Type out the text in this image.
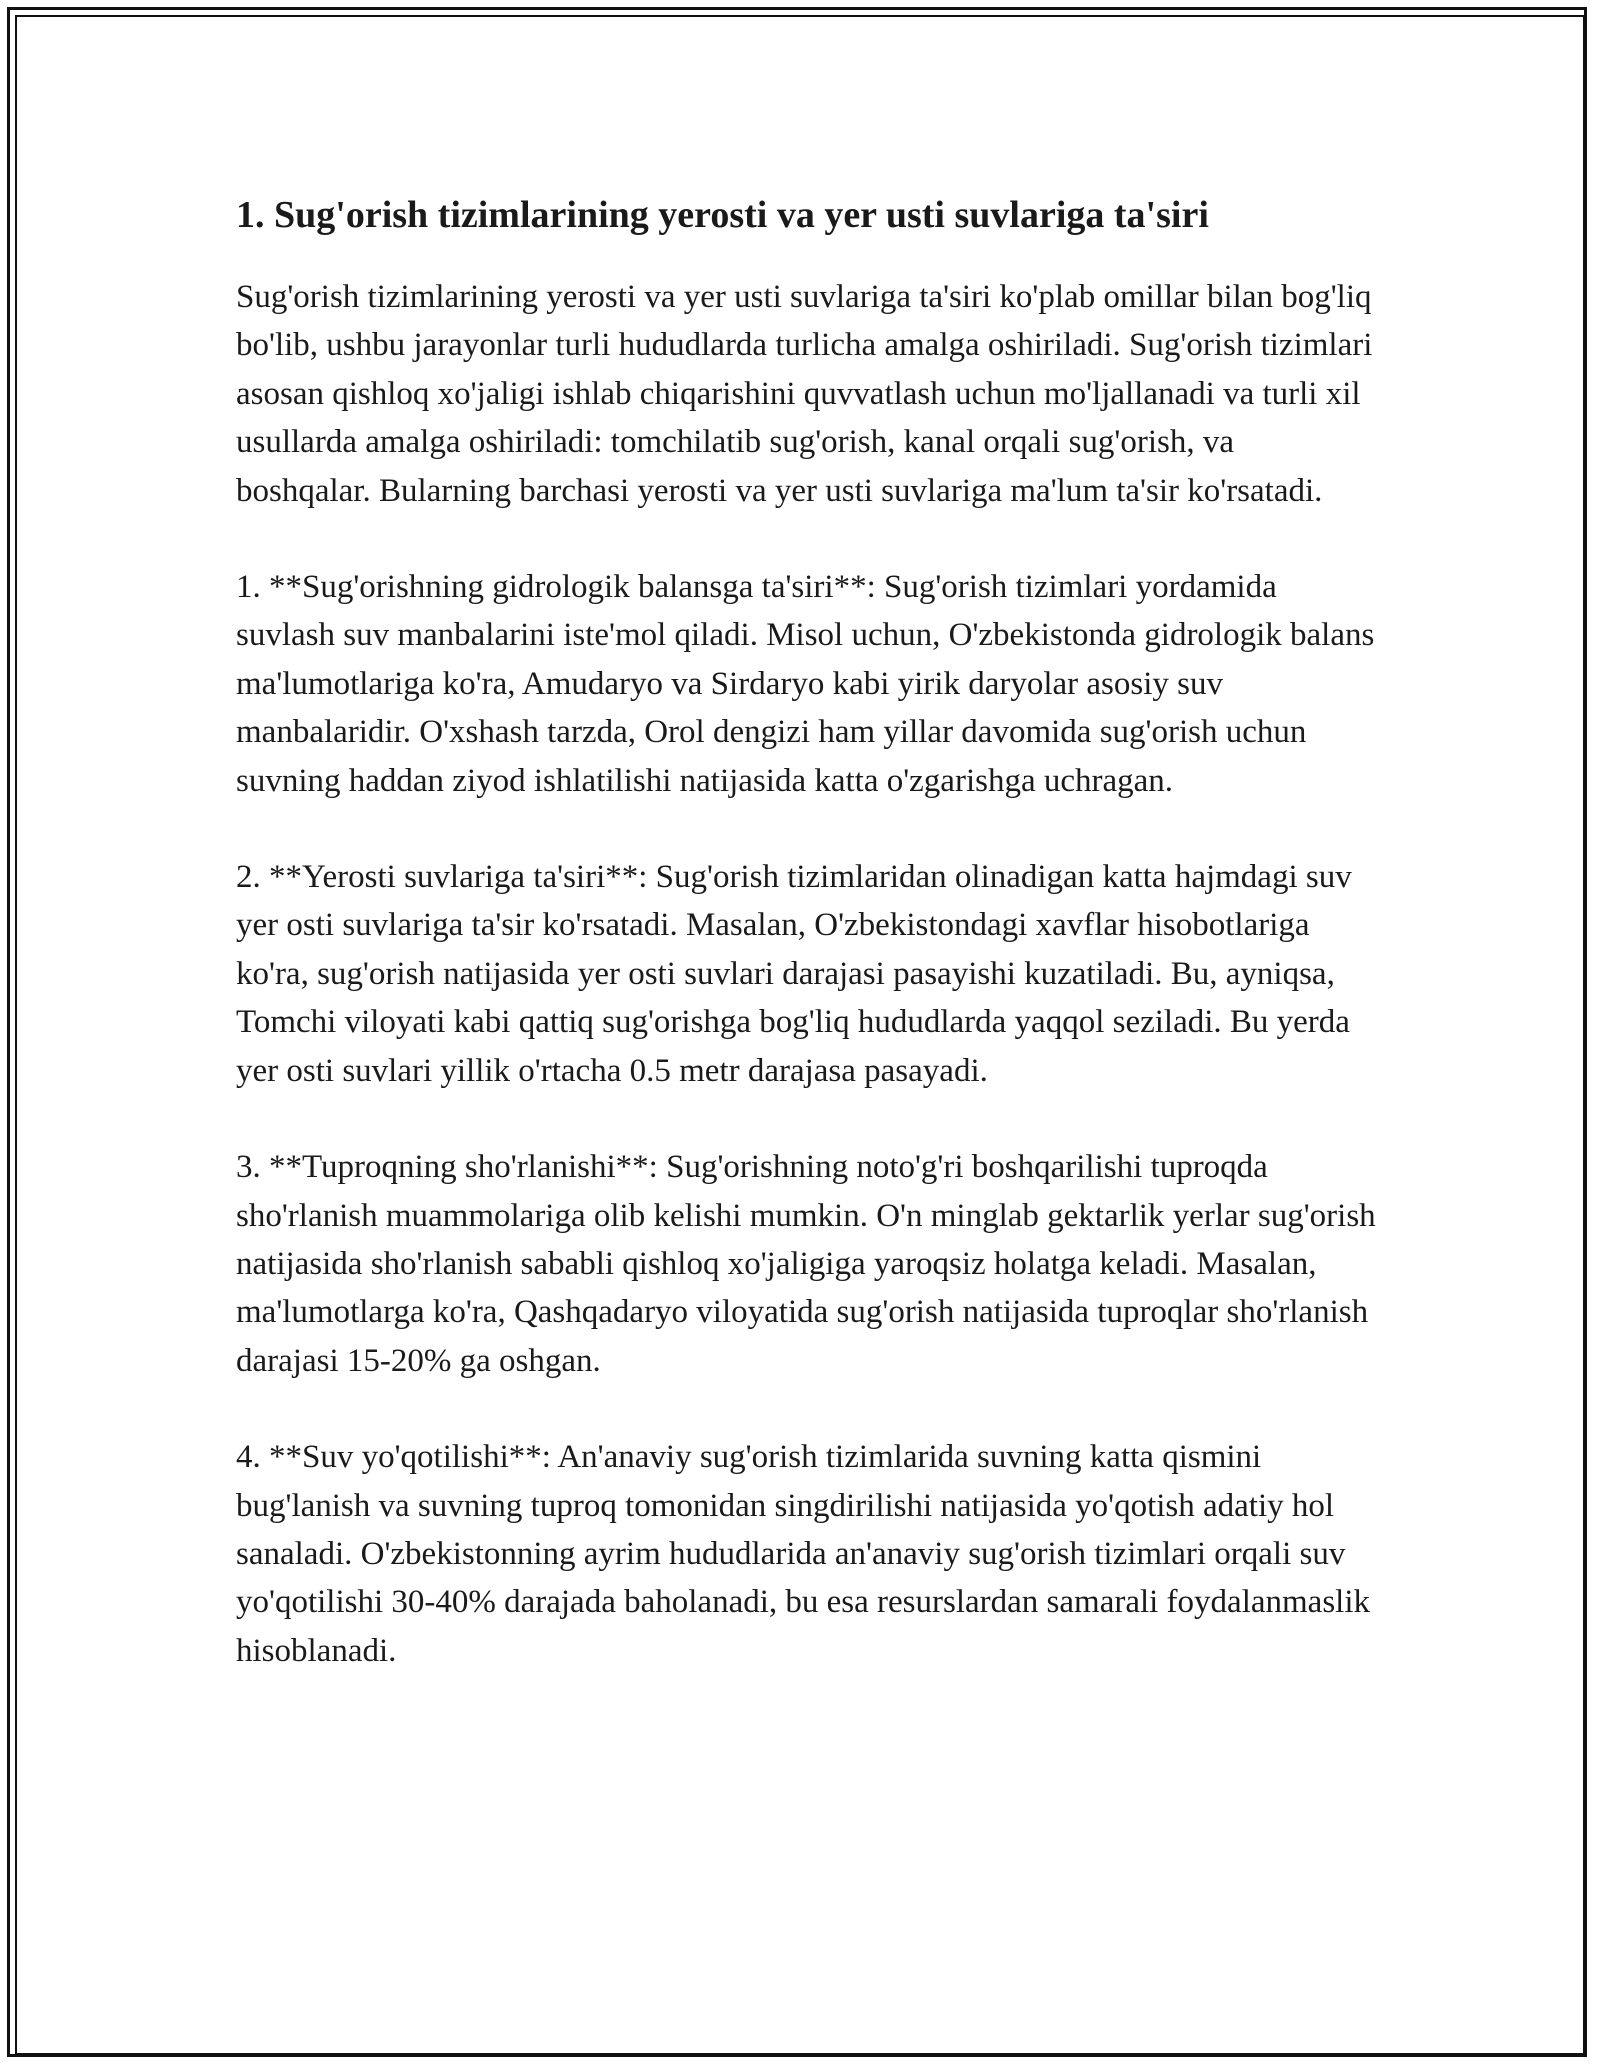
1. Sug'orish tizimlarining yerosti va yer usti suvlariga ta'siri

Sug'orish tizimlarining yerosti va yer usti suvlariga ta'siri ko'plab omillar bilan bog'liq bo'lib, ushbu jarayonlar turli hududlarda turlicha amalga oshiriladi. Sug'orish tizimlari asosan qishloq xo'jaligi ishlab chiqarishini quvvatlash uchun mo'ljallanadi va turli xil usullarda amalga oshiriladi: tomchilatib sug'orish, kanal orqali sug'orish, va boshqalar. Bularning barchasi yerosti va yer usti suvlariga ma'lum ta'sir ko'rsatadi.

1. **Sug'orishning gidrologik balansga ta'siri**: Sug'orish tizimlari yordamida suvlash suv manbalarini iste'mol qiladi. Misol uchun, O'zbekistonda gidrologik balans ma'lumotlariga ko'ra, Amudaryo va Sirdaryo kabi yirik daryolar asosiy suv manbalaridir. O'xshash tarzda, Orol dengizi ham yillar davomida sug'orish uchun suvning haddan ziyod ishlatilishi natijasida katta o'zgarishga uchragan.

2. **Yerosti suvlariga ta'siri**: Sug'orish tizimlaridan olinadigan katta hajmdagi suv yer osti suvlariga ta'sir ko'rsatadi. Masalan, O'zbekistondagi xavflar hisobotlariga ko'ra, sug'orish natijasida yer osti suvlari darajasi pasayishi kuzatiladi. Bu, ayniqsa, Tomchi viloyati kabi qattiq sug'orishga bog'liq hududlarda yaqqol seziladi. Bu yerda yer osti suvlari yillik o'rtacha 0.5 metr darajasa pasayadi.

3. **Tuproqning sho'rlanishi**: Sug'orishning noto'g'ri boshqarilishi tuproqda sho'rlanish muammolariga olib kelishi mumkin. O'n minglab gektarlik yerlar sug'orish natijasida sho'rlanish sababli qishloq xo'jaligiga yaroqsiz holatga keladi. Masalan, ma'lumotlarga ko'ra, Qashqadaryo viloyatida sug'orish natijasida tuproqlar sho'rlanish darajasi 15-20% ga oshgan.

4. **Suv yo'qotilishi**: An'anaviy sug'orish tizimlarida suvning katta qismini bug'lanish va suvning tuproq tomonidan singdirilishi natijasida yo'qotish adatiy hol sanaladi. O'zbekistonning ayrim hududlarida an'anaviy sug'orish tizimlari orqali suv yo'qotilishi 30-40% darajada baholanadi, bu esa resurslardan samarali foydalanmaslik hisoblanadi.
